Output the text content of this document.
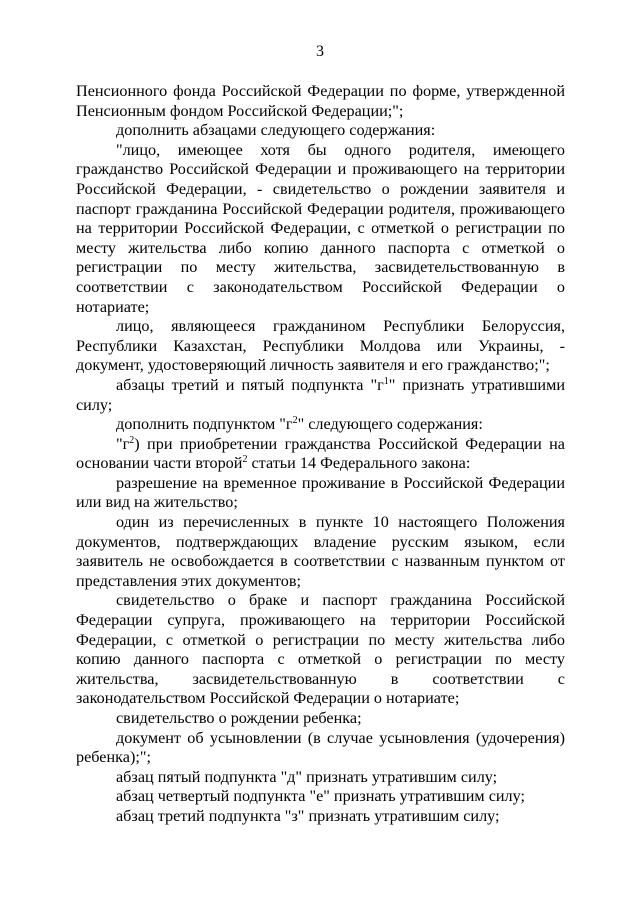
3

Пенсионного фонда Российской Федерации по форме, утвержденной Пенсионным фондом Российской Федерации;";

дополнить абзацами следующего содержания:

"лицо, имеющее хотя бы одного родителя, имеющего гражданство Российской Федерации и проживающего на территории Российской Федерации, - свидетельство о рождении заявителя и паспорт гражданина Российской Федерации родителя, проживающего на территории Российской Федерации, с отметкой о регистрации по месту жительства либо копию данного паспорта с отметкой о регистрации по месту жительства, засвидетельствованную в соответствии с законодательством Российской Федерации о нотариате;

лицо, являющееся гражданином Республики Белоруссия, Республики Казахстан, Республики Молдова или Украины, - документ, удостоверяющий личность заявителя и его гражданство;";

абзацы третий и пятый подпункта "$г^1$" признать утратившими силу;

дополнить подпунктом "$г^2$" следующего содержания:

"$г^2$) при приобретении гражданства Российской Федерации на основании части второй$^2$ статьи 14 Федерального закона:

разрешение на временное проживание в Российской Федерации или вид на жительство;

один из перечисленных в пункте 10 настоящего Положения документов, подтверждающих владение русским языком, если заявитель не освобождается в соответствии с названным пунктом от представления этих документов;

свидетельство о браке и паспорт гражданина Российской Федерации супруга, проживающего на территории Российской Федерации, с отметкой о регистрации по месту жительства либо копию данного паспорта с отметкой о регистрации по месту жительства, засвидетельствованную в соответствии с законодательством Российской Федерации о нотариате;

свидетельство о рождении ребенка;

документ об усыновлении (в случае усыновления (удочерения) ребенка);";

абзац пятый подпункта "д" признать утратившим силу;

абзац четвертый подпункта "е" признать утратившим силу;

абзац третий подпункта "з" признать утратившим силу;
